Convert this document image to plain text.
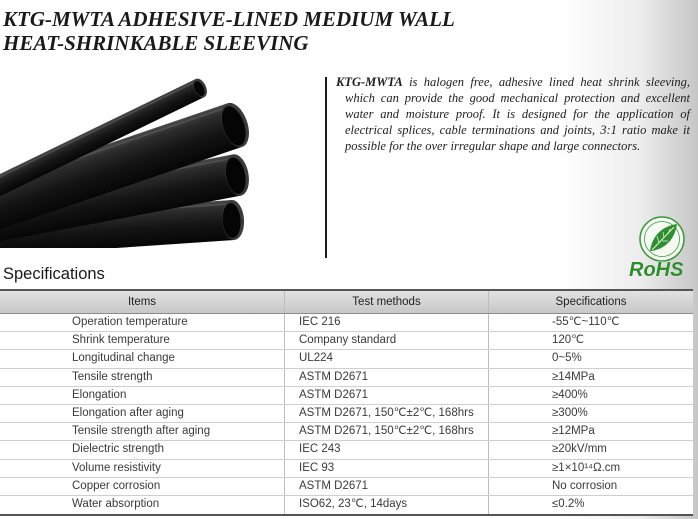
KTG-MWTA ADHESIVE-LINED MEDIUM WALL
HEAT-SHRINKABLE SLEEVING
KTG-MWTA is halogen free, adhesive lined heat shrink sleeving,
which can provide the good mechanical protection and excellent
water and moisture proof. It is designed for the application of
electrical splices, cable terminations and joints, 3:1 ratio make it
possible for the over irregular shape and large connectors.
RoHS
Specifications
Items	Test methods	Specifications
Operation temperature	IEC 216	-55℃~110℃
Shrink temperature	Company standard	120℃
Longitudinal change	UL224	0~5%
Tensile strength	ASTM D2671	≥14MPa
Elongation	ASTM D2671	≥400%
Elongation after aging	ASTM D2671, 150℃±2℃, 168hrs	≥300%
Tensile strength after aging	ASTM D2671, 150℃±2℃, 168hrs	≥12MPa
Dielectric strength	IEC 243	≥20kV/mm
Volume resistivity	IEC 93	≥1×10¹⁴Ω.cm
Copper corrosion	ASTM D2671	No corrosion
Water absorption	ISO62, 23℃, 14days	≤0.2%
